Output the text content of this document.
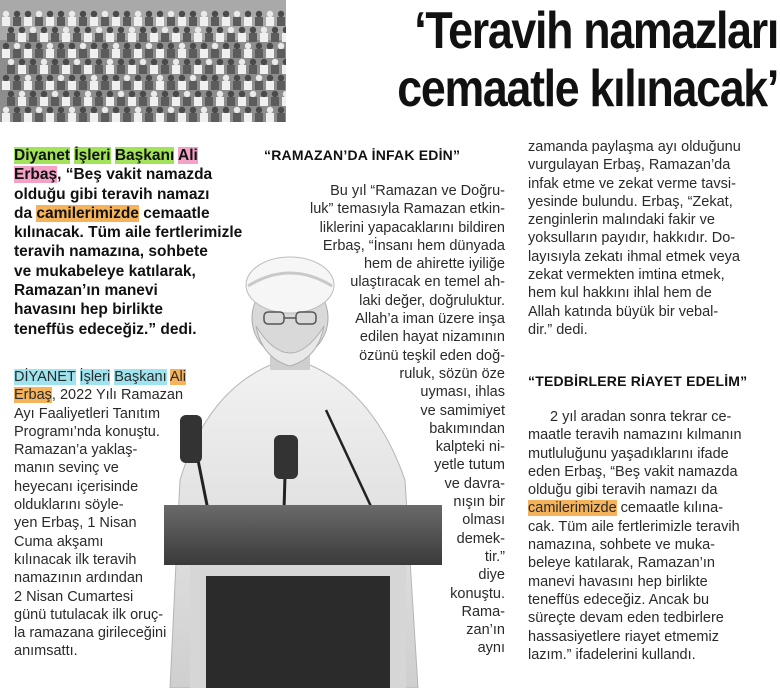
‘Teravih namazları
cemaatle kılınacak’
Diyanet İşleri Başkanı Ali
Erbaş, “Beş vakit namazda
olduğu gibi teravih namazı
da camilerimizde cemaatle
kılınacak. Tüm aile fertlerimizle
teravih namazına, sohbete
ve mukabeleye katılarak,
Ramazan’ın manevi
havasını hep birlikte
teneffüs edeceğiz.” dedi.
DİYANET İşleri Başkanı Ali
Erbaş, 2022 Yılı Ramazan
Ayı Faaliyetleri Tanıtım
Programı’nda konuştu.
Ramazan’a yaklaş-
manın sevinç ve
heyecanı içerisinde
olduklarını söyle-
yen Erbaş, 1 Nisan
Cuma akşamı
kılınacak ilk teravih
namazının ardından
2 Nisan Cumartesi
günü tutulacak ilk oruç-
la ramazana girileceğini
anımsattı.
“RAMAZAN’DA İNFAK EDİN”
Bu yıl “Ramazan ve Doğru-
luk” temasıyla Ramazan etkin-
liklerini yapacaklarını bildiren
Erbaş, “İnsanı hem dünyada
hem de ahirette iyiliğe
ulaştıracak en temel ah-
laki değer, doğruluktur.
Allah’a iman üzere inşa
edilen hayat nizamının
özünü teşkil eden doğ-
ruluk, sözün öze
uyması, ihlas
ve samimiyet
bakımından
kalpteki ni-
yetle tutum
ve davra-
nışın bir
olması
demek-
tir.”
diye
konuştu.
Rama-
zan’ın
aynı
zamanda paylaşma ayı olduğunu
vurgulayan Erbaş, Ramazan’da
infak etme ve zekat verme tavsi-
yesinde bulundu. Erbaş, “Zekat,
zenginlerin malındaki fakir ve
yoksulların payıdır, hakkıdır. Do-
layısıyla zekatı ihmal etmek veya
zekat vermekten imtina etmek,
hem kul hakkını ihlal hem de
Allah katında büyük bir vebal-
dir.” dedi.
“TEDBİRLERE RİAYET EDELİM”
2 yıl aradan sonra tekrar ce-
maatle teravih namazını kılmanın
mutluluğunu yaşadıklarını ifade
eden Erbaş, “Beş vakit namazda
olduğu gibi teravih namazı da
camilerimizde cemaatle kılına-
cak. Tüm aile fertlerimizle teravih
namazına, sohbete ve muka-
beleye katılarak, Ramazan’ın
manevi havasını hep birlikte
teneffüs edeceğiz. Ancak bu
süreçte devam eden tedbirlere
hassasiyetlere riayet etmemiz
lazım.” ifadelerini kullandı.
